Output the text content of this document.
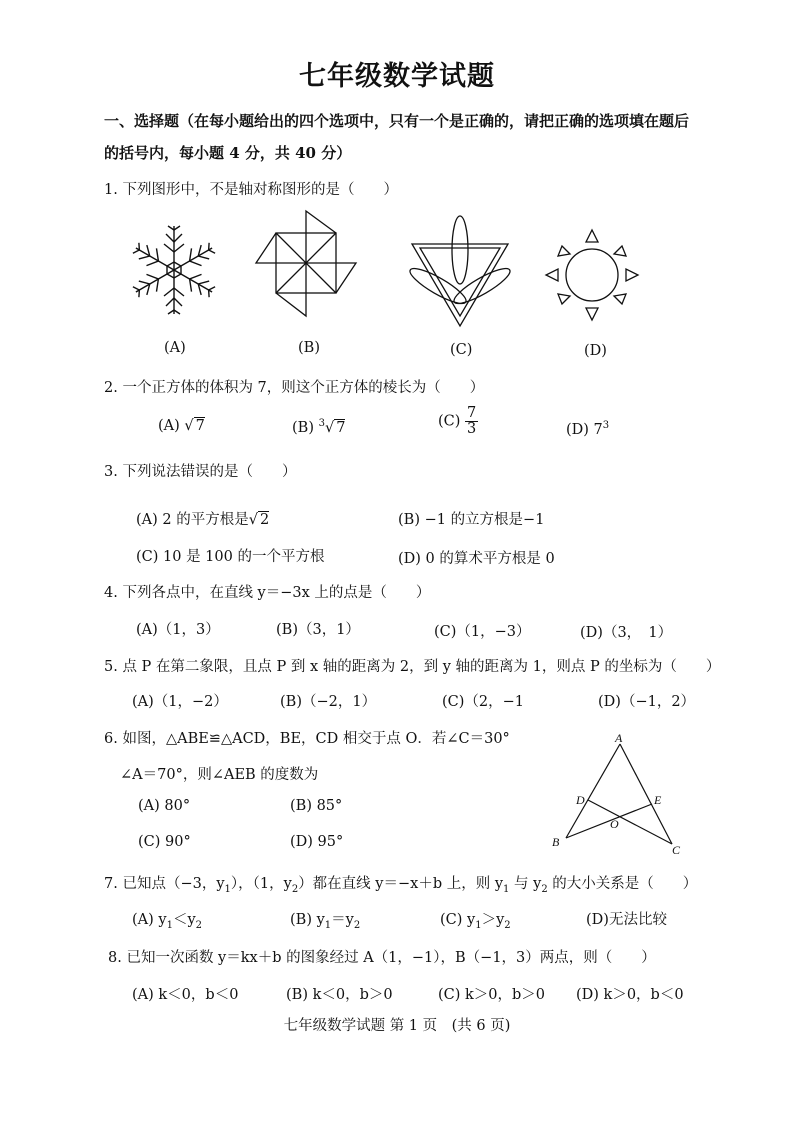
七年级数学试题
一、选择题（在每小题给出的四个选项中，只有一个是正确的，请把正确的选项填在题后
的括号内，每小题 4 分，共 40 分）
1. 下列图形中，不是轴对称图形的是（　　）
(A)	(B)	(C)	(D)
2. 一个正方体的体积为 7，则这个正方体的棱长为（　　）
(A) √ 7	(B) $^3$√ 7	$(C) \frac{7}{3}$	(D) $7^3$
3. 下列说法错误的是（　　）
(A) 2 的平方根是√ 2	(B) −1 的立方根是−1
(C) 10 是 100 的一个平方根	(D) 0 的算术平方根是 0
4. 下列各点中，在直线 y＝−3x 上的点是（　　）
(A)（1，3）	(B)（3，1）	(C)（1，−3）	(D)（3，　1）
5. 点 P 在第二象限，且点 P 到 x 轴的距离为 2，到 y 轴的距离为 1，则点 P 的坐标为（　　）
(A)（1，−2）	(B)（−2，1）	(C)（2，−1	(D)（−1，2）
6. 如图，△ABE≌△ACD，BE，CD 相交于点 O．若∠C＝30°
∠A＝70°，则∠AEB 的度数为
(A) 80°	(B) 85°
(C) 90°	(D) 95°
A
B
C
D	E
O
7. 已知点（−3，$y_1$），（1，$y_2$）都在直线 y＝−x＋b 上，则 $y_1$ 与 $y_2$ 的大小关系是（　　）
(A) $y_1<y_2$	(B) $y_1=y_2$	(C) $y_1>y_2$	(D)无法比较
8. 已知一次函数 y＝kx＋b 的图象经过 A（1，−1），B（−1，3）两点，则（　　）
(A) k＜0，b＜0	(B) k＜0，b＞0	(C) k＞0，b＞0 (D) k＞0，b＜0
七年级数学试题 第 1 页　(共 6 页)
